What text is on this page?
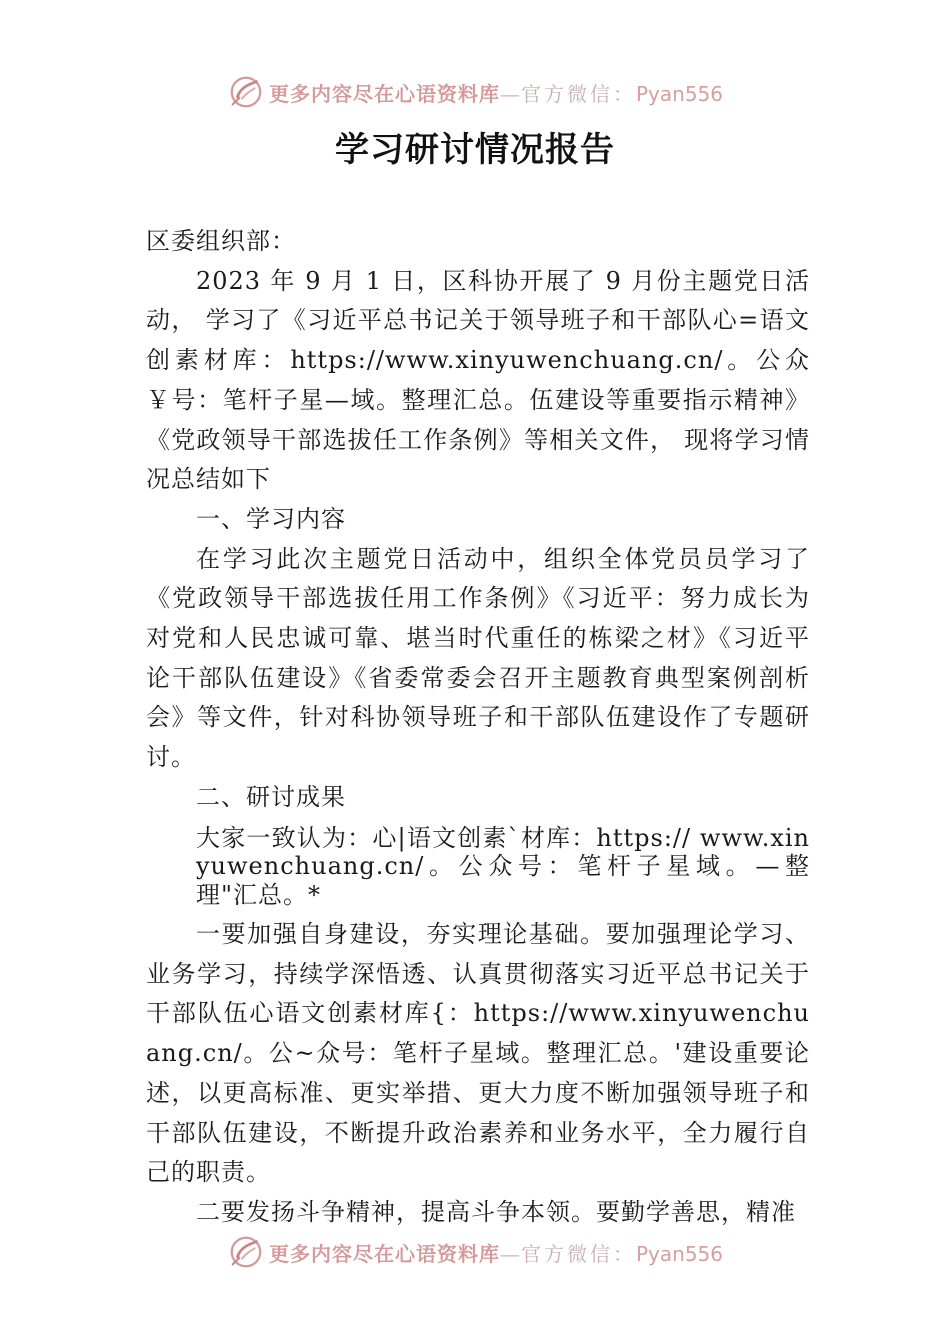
更多内容尽在心语资料库—官方微信：Pyan556
学习研讨情况报告

区委组织部：

2023 年 9 月 1 日，区科协开展了 9 月份主题党日活动， 学习了《习近平总书记关于领导班子和干部队心=语文创素材库：https://www.xinyuwenchuang.cn/。公众￥号：笔杆子星—域。整理汇总。伍建设等重要指示精神》《党政领导干部选拔任工作条例》等相关文件， 现将学习情况总结如下

一、学习内容

在学习此次主题党日活动中，组织全体党员员学习了《党政领导干部选拔任用工作条例》《习近平：努力成长为 对党和人民忠诚可靠、堪当时代重任的栋梁之材》《习近平 论干部队伍建设》《省委常委会召开主题教育典型案例剖析 会》等文件，针对科协领导班子和干部队伍建设作了专题研讨。

二、研讨成果

大家一致认为：心|语文创素`材库：https:// www.xinyuwenchuang.cn/。公众号：笔杆子星域。—整理"汇总。*

一要加强自身建设，夯实理论基础。要加强理论学习、业务学习，持续学深悟透、认真贯彻落实习近平总书记关于干部队伍心语文创素材库{：https://www.xinyuwenchuang.cn/。公~众号：笔杆子星域。整理汇总。'建设重要论述，以更高标准、更实举措、更大力度不断加强领导班子和干部队伍建设，不断提升政治素养和业务水平，全力履行自己的职责。

二要发扬斗争精神，提高斗争本领。要勤学善思，精准

更多内容尽在心语资料库—官方微信：Pyan556
